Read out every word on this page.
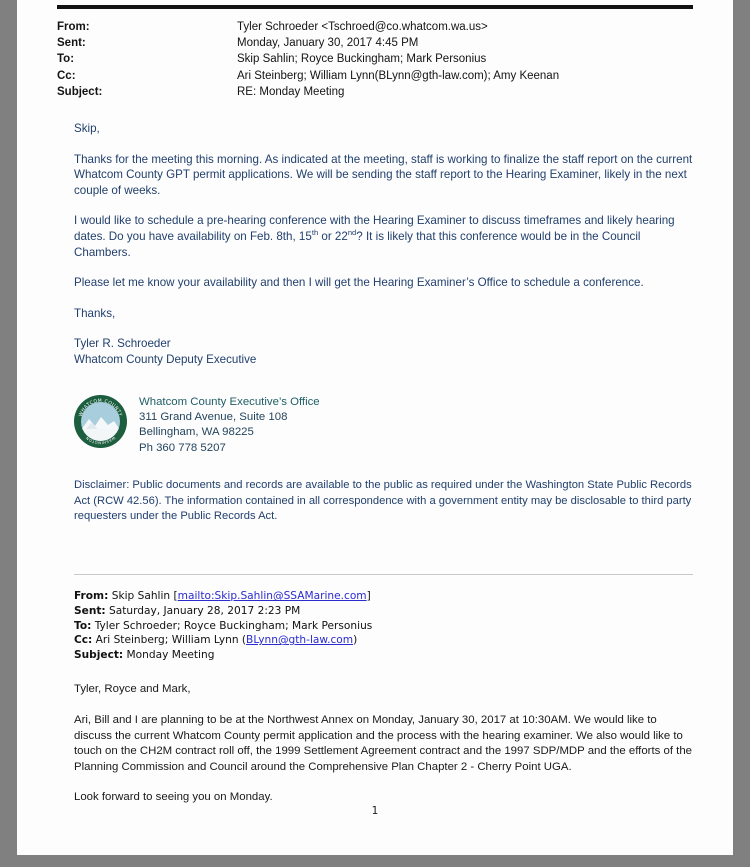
From:	Tyler Schroeder <Tschroed@co.whatcom.wa.us>
Sent:	Monday, January 30, 2017 4:45 PM
To:	Skip Sahlin; Royce Buckingham; Mark Personius
Cc:	Ari Steinberg; William Lynn(BLynn@gth-law.com); Amy Keenan
Subject:	RE: Monday Meeting

Skip,

Thanks for the meeting this morning. As indicated at the meeting, staff is working to finalize the staff report on the current Whatcom County GPT permit applications. We will be sending the staff report to the Hearing Examiner, likely in the next couple of weeks.

I would like to schedule a pre-hearing conference with the Hearing Examiner to discuss timeframes and likely hearing dates. Do you have availability on Feb. 8th, 15th or 22nd? It is likely that this conference would be in the Council Chambers.

Please let me know your availability and then I will get the Hearing Examiner’s Office to schedule a conference.

Thanks,

Tyler R. Schroeder

Whatcom County Deputy Executive

WHATCOM COUNTY
WASHINGTON
Whatcom County Executive’s Office
311 Grand Avenue, Suite 108
Bellingham, WA 98225
Ph 360 778 5207
Disclaimer: Public documents and records are available to the public as required under the Washington State Public Records Act (RCW 42.56). The information contained in all correspondence with a government entity may be disclosable to third party requesters under the Public Records Act.
From: Skip Sahlin [mailto:Skip.Sahlin@SSAMarine.com]
Sent: Saturday, January 28, 2017 2:23 PM
To: Tyler Schroeder; Royce Buckingham; Mark Personius
Cc: Ari Steinberg; William Lynn (BLynn@gth-law.com)
Subject: Monday Meeting

Tyler, Royce and Mark,

Ari, Bill and I are planning to be at the Northwest Annex on Monday, January 30, 2017 at 10:30AM. We would like to discuss the current Whatcom County permit application and the process with the hearing examiner. We also would like to touch on the CH2M contract roll off, the 1999 Settlement Agreement contract and the 1997 SDP/MDP and the efforts of the Planning Commission and Council around the Comprehensive Plan Chapter 2 - Cherry Point UGA.

Look forward to seeing you on Monday.

1
